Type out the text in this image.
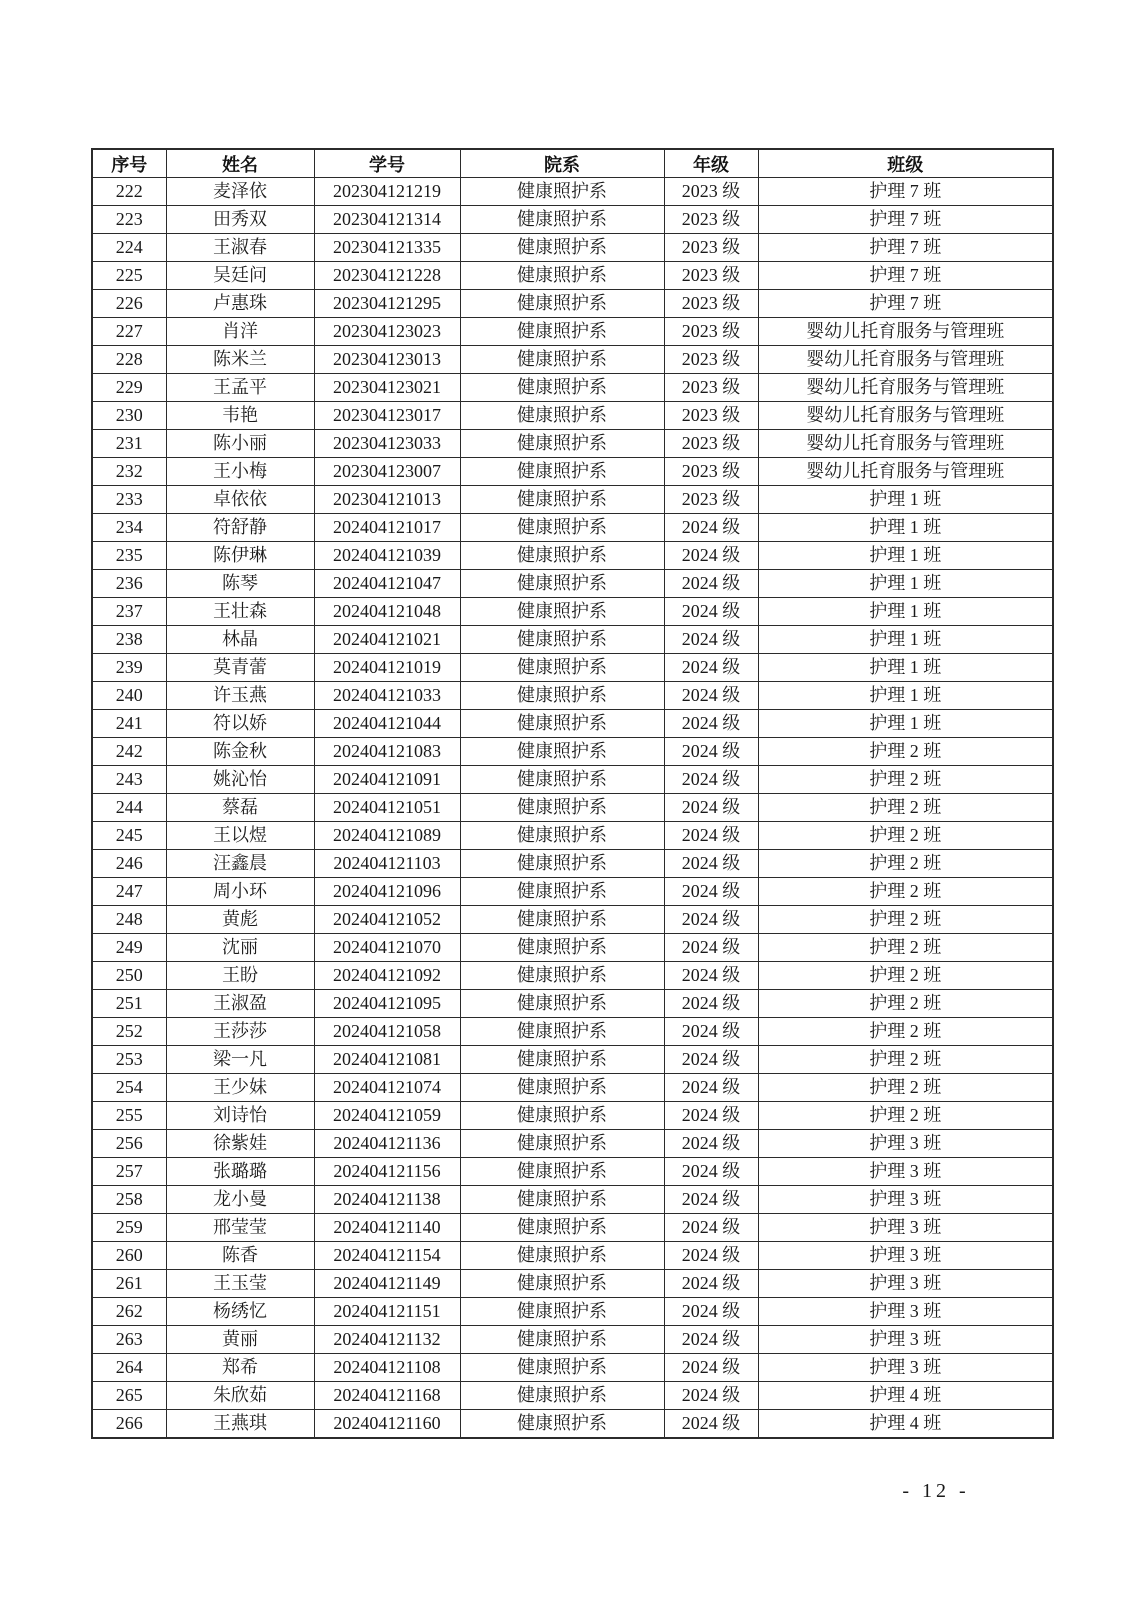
序号	姓名	学号	院系	年级	班级
222	麦泽依	202304121219	健康照护系	2023 级	护理 7 班
223	田秀双	202304121314	健康照护系	2023 级	护理 7 班
224	王淑春	202304121335	健康照护系	2023 级	护理 7 班
225	吴廷问	202304121228	健康照护系	2023 级	护理 7 班
226	卢惠珠	202304121295	健康照护系	2023 级	护理 7 班
227	肖洋	202304123023	健康照护系	2023 级	婴幼儿托育服务与管理班
228	陈米兰	202304123013	健康照护系	2023 级	婴幼儿托育服务与管理班
229	王孟平	202304123021	健康照护系	2023 级	婴幼儿托育服务与管理班
230	韦艳	202304123017	健康照护系	2023 级	婴幼儿托育服务与管理班
231	陈小丽	202304123033	健康照护系	2023 级	婴幼儿托育服务与管理班
232	王小梅	202304123007	健康照护系	2023 级	婴幼儿托育服务与管理班
233	卓依依	202304121013	健康照护系	2023 级	护理 1 班
234	符舒静	202404121017	健康照护系	2024 级	护理 1 班
235	陈伊琳	202404121039	健康照护系	2024 级	护理 1 班
236	陈琴	202404121047	健康照护系	2024 级	护理 1 班
237	王壮森	202404121048	健康照护系	2024 级	护理 1 班
238	林晶	202404121021	健康照护系	2024 级	护理 1 班
239	莫青蕾	202404121019	健康照护系	2024 级	护理 1 班
240	许玉燕	202404121033	健康照护系	2024 级	护理 1 班
241	符以娇	202404121044	健康照护系	2024 级	护理 1 班
242	陈金秋	202404121083	健康照护系	2024 级	护理 2 班
243	姚沁怡	202404121091	健康照护系	2024 级	护理 2 班
244	蔡磊	202404121051	健康照护系	2024 级	护理 2 班
245	王以煜	202404121089	健康照护系	2024 级	护理 2 班
246	汪鑫晨	202404121103	健康照护系	2024 级	护理 2 班
247	周小环	202404121096	健康照护系	2024 级	护理 2 班
248	黄彪	202404121052	健康照护系	2024 级	护理 2 班
249	沈丽	202404121070	健康照护系	2024 级	护理 2 班
250	王盼	202404121092	健康照护系	2024 级	护理 2 班
251	王淑盈	202404121095	健康照护系	2024 级	护理 2 班
252	王莎莎	202404121058	健康照护系	2024 级	护理 2 班
253	梁一凡	202404121081	健康照护系	2024 级	护理 2 班
254	王少妹	202404121074	健康照护系	2024 级	护理 2 班
255	刘诗怡	202404121059	健康照护系	2024 级	护理 2 班
256	徐紫娃	202404121136	健康照护系	2024 级	护理 3 班
257	张璐璐	202404121156	健康照护系	2024 级	护理 3 班
258	龙小曼	202404121138	健康照护系	2024 级	护理 3 班
259	邢莹莹	202404121140	健康照护系	2024 级	护理 3 班
260	陈香	202404121154	健康照护系	2024 级	护理 3 班
261	王玉莹	202404121149	健康照护系	2024 级	护理 3 班
262	杨绣忆	202404121151	健康照护系	2024 级	护理 3 班
263	黄丽	202404121132	健康照护系	2024 级	护理 3 班
264	郑希	202404121108	健康照护系	2024 级	护理 3 班
265	朱欣茹	202404121168	健康照护系	2024 级	护理 4 班
266	王燕琪	202404121160	健康照护系	2024 级	护理 4 班
- 12 -
